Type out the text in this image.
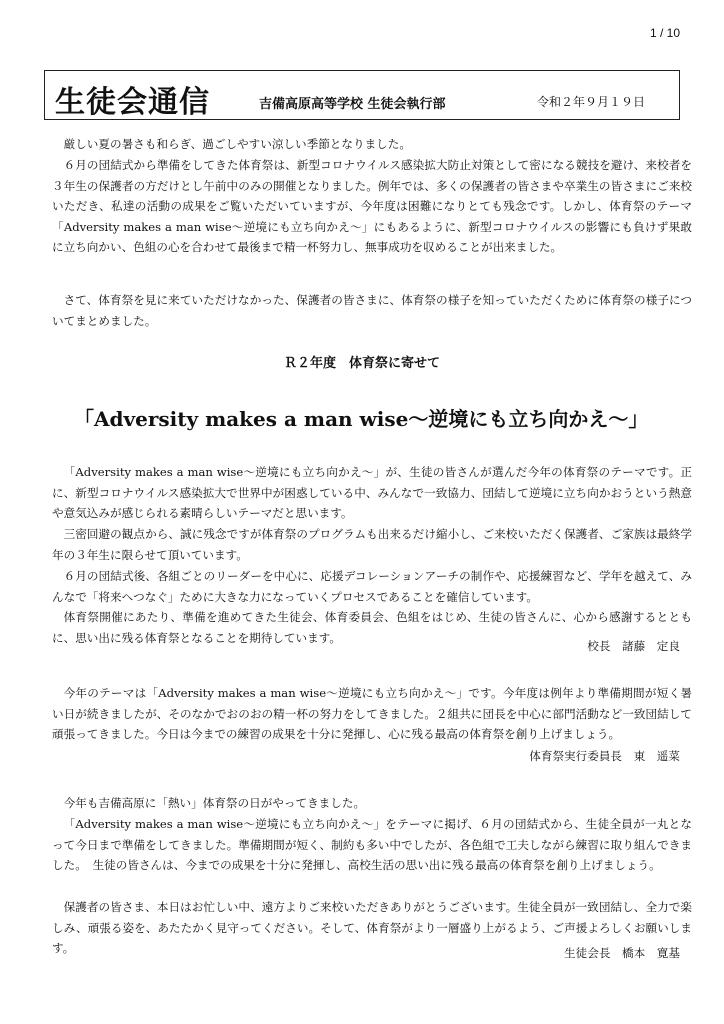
1 / 10
生徒会通信	吉備高原高等学校 生徒会執行部	令和２年９月１９日

厳しい夏の暑さも和らぎ、過ごしやすい涼しい季節となりました。

６月の団結式から準備をしてきた体育祭は、新型コロナウイルス感染拡大防止対策として密になる競技を避け、来校者を３年生の保護者の方だけとし午前中のみの開催となりました。例年では、多くの保護者の皆さまや卒業生の皆さまにご来校いただき、私達の活動の成果をご覧いただいていますが、今年度は困難になりとても残念です。しかし、体育祭のテーマ「Adversity makes a man wise～逆境にも立ち向かえ～」にもあるように、新型コロナウイルスの影響にも負けず果敢に立ち向かい、色組の心を合わせて最後まで精一杯努力し、無事成功を収めることが出来ました。

さて、体育祭を見に来ていただけなかった、保護者の皆さまに、体育祭の様子を知っていただくために体育祭の様子についてまとめました。

Ｒ２年度　体育祭に寄せて
「Adversity makes a man wise～逆境にも立ち向かえ～」

「Adversity makes a man wise～逆境にも立ち向かえ～」が、生徒の皆さんが選んだ今年の体育祭のテーマです。正に、新型コロナウイルス感染拡大で世界中が困惑している中、みんなで一致協力、団結して逆境に立ち向かおうという熱意や意気込みが感じられる素晴らしいテーマだと思います。

三密回避の観点から、誠に残念ですが体育祭のプログラムも出来るだけ縮小し、ご来校いただく保護者、ご家族は最終学年の３年生に限らせて頂いています。

６月の団結式後、各組ごとのリーダーを中心に、応援デコレーションアーチの制作や、応援練習など、学年を越えて、みんなで「将来へつなぐ」ために大きな力になっていくプロセスであることを確信しています。

体育祭開催にあたり、準備を進めてきた生徒会、体育委員会、色組をはじめ、生徒の皆さんに、心から感謝するとともに、思い出に残る体育祭となることを期待しています。

校長　諸藤　定良

今年のテーマは「Adversity makes a man wise～逆境にも立ち向かえ～」です。今年度は例年より準備期間が短く暑い日が続きましたが、そのなかでおのおの精一杯の努力をしてきました。２組共に団長を中心に部門活動など一致団結して頑張ってきました。今日は今までの練習の成果を十分に発揮し、心に残る最高の体育祭を創り上げましょう。

体育祭実行委員長　東　遥菜

今年も吉備高原に「熱い」体育祭の日がやってきました。

「Adversity makes a man wise～逆境にも立ち向かえ～」をテーマに掲げ、６月の団結式から、生徒全員が一丸となって今日まで準備をしてきました。準備期間が短く、制約も多い中でしたが、各色組で工夫しながら練習に取り組んできました。　生徒の皆さんは、今までの成果を十分に発揮し、高校生活の思い出に残る最高の体育祭を創り上げましょう。

保護者の皆さま、本日はお忙しい中、遠方よりご来校いただきありがとうございます。生徒全員が一致団結し、全力で楽しみ、頑張る姿を、あたたかく見守ってください。そして、体育祭がより一層盛り上がるよう、ご声援よろしくお願いします。	生徒会長　橋本　寛基
